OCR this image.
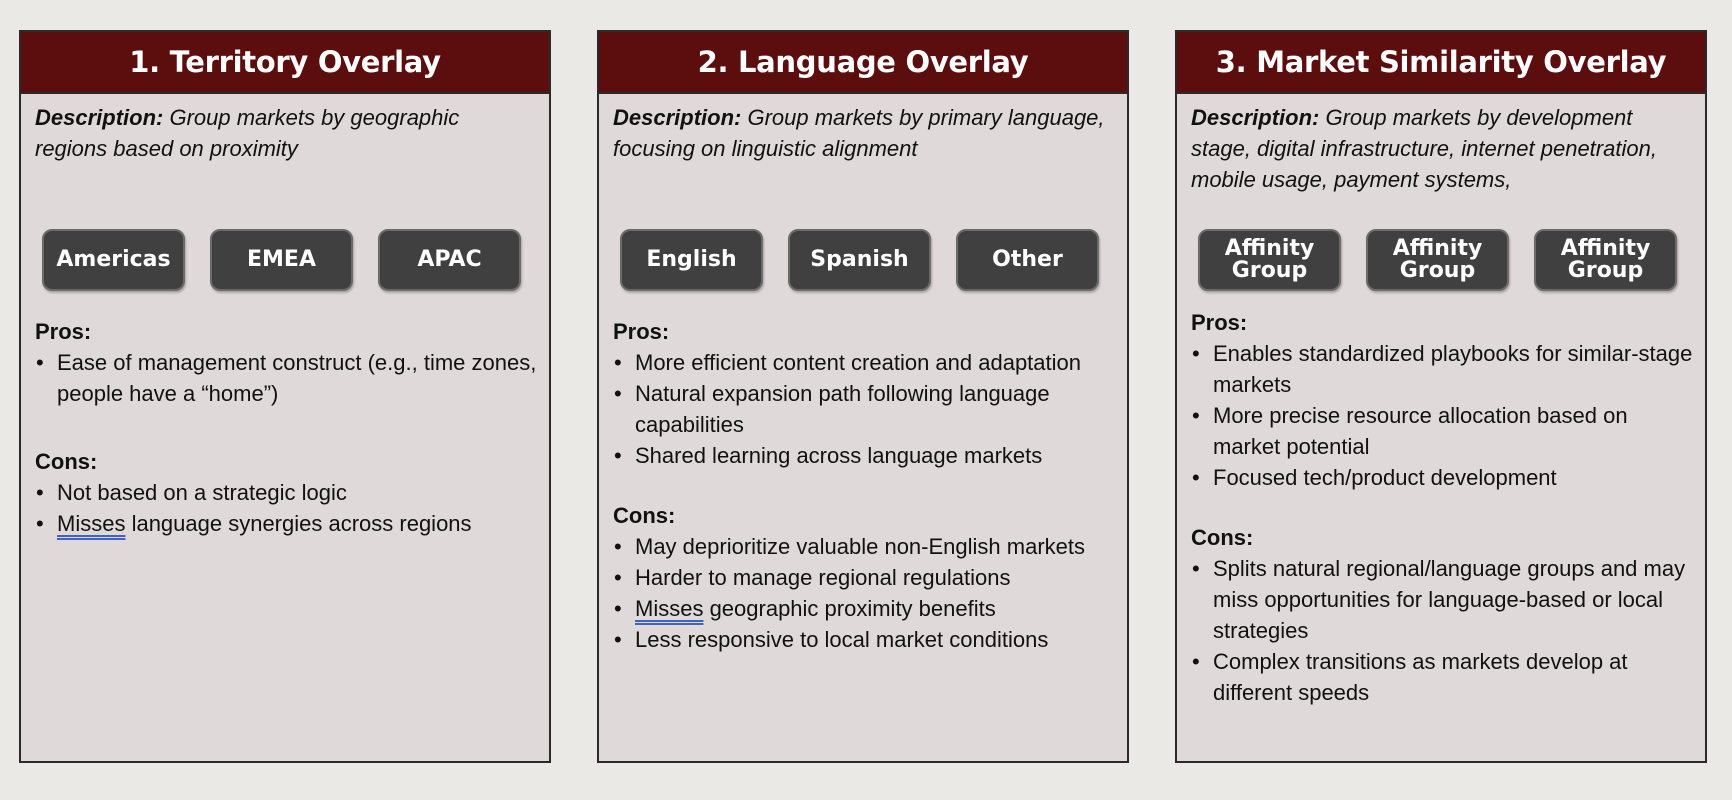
1. Territory Overlay

Description: Group markets by geographic regions based on proximity

Americas	EMEA	APAC

Pros:

• Ease of management construct (e.g., time zones, people have a “home”)

Cons:

• Not based on a strategic logic
• Misses language synergies across regions
2. Language Overlay

Description: Group markets by primary language, focusing on linguistic alignment

English	Spanish	Other

Pros:

• More efficient content creation and adaptation
• Natural expansion path following language capabilities
• Shared learning across language markets

Cons:

• May deprioritize valuable non-English markets
• Harder to manage regional regulations
• Misses geographic proximity benefits
• Less responsive to local market conditions
3. Market Similarity Overlay

Description: Group markets by development stage, digital infrastructure, internet penetration, mobile usage, payment systems,

Affinity Group
Affinity Group
Affinity Group

Pros:

• Enables standardized playbooks for similar-stage markets
• More precise resource allocation based on market potential
• Focused tech/product development

Cons:

• Splits natural regional/language groups and may miss opportunities for language-based or local strategies
• Complex transitions as markets develop at different speeds
